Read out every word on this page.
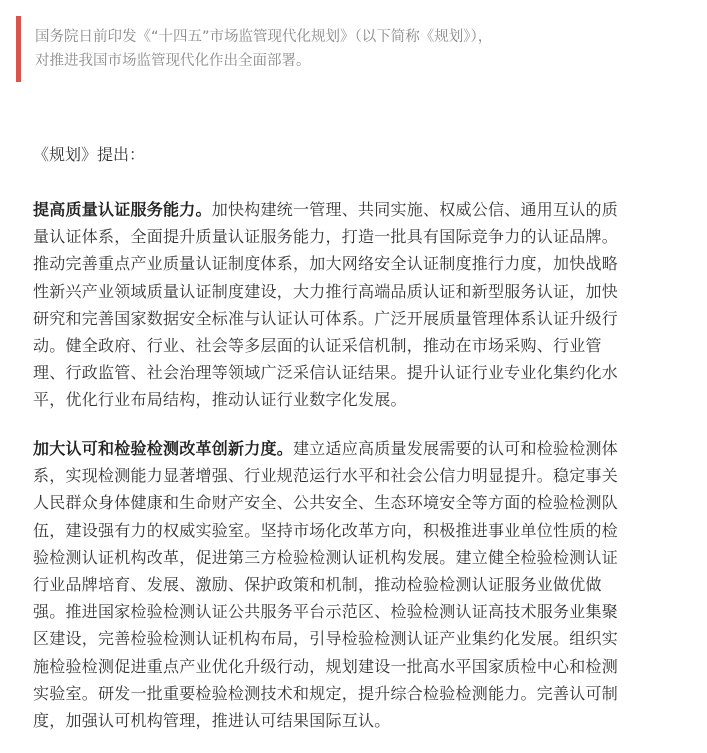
国务院日前印发《“十四五”市场监管现代化规划》（以下简称《规划》），
对推进我国市场监管现代化作出全面部署。

《规划》提出：

提高质量认证服务能力。加快构建统一管理、共同实施、权威公信、通用互认的质
量认证体系，全面提升质量认证服务能力，打造一批具有国际竞争力的认证品牌。
推动完善重点产业质量认证制度体系，加大网络安全认证制度推行力度，加快战略
性新兴产业领域质量认证制度建设，大力推行高端品质认证和新型服务认证，加快
研究和完善国家数据安全标准与认证认可体系。广泛开展质量管理体系认证升级行
动。健全政府、行业、社会等多层面的认证采信机制，推动在市场采购、行业管
理、行政监管、社会治理等领域广泛采信认证结果。提升认证行业专业化集约化水
平，优化行业布局结构，推动认证行业数字化发展。

加大认可和检验检测改革创新力度。建立适应高质量发展需要的认可和检验检测体
系，实现检测能力显著增强、行业规范运行水平和社会公信力明显提升。稳定事关
人民群众身体健康和生命财产安全、公共安全、生态环境安全等方面的检验检测队
伍，建设强有力的权威实验室。坚持市场化改革方向，积极推进事业单位性质的检
验检测认证机构改革，促进第三方检验检测认证机构发展。建立健全检验检测认证
行业品牌培育、发展、激励、保护政策和机制，推动检验检测认证服务业做优做
强。推进国家检验检测认证公共服务平台示范区、检验检测认证高技术服务业集聚
区建设，完善检验检测认证机构布局，引导检验检测认证产业集约化发展。组织实
施检验检测促进重点产业优化升级行动，规划建设一批高水平国家质检中心和检测
实验室。研发一批重要检验检测技术和规定，提升综合检验检测能力。完善认可制
度，加强认可机构管理，推进认可结果国际互认。
